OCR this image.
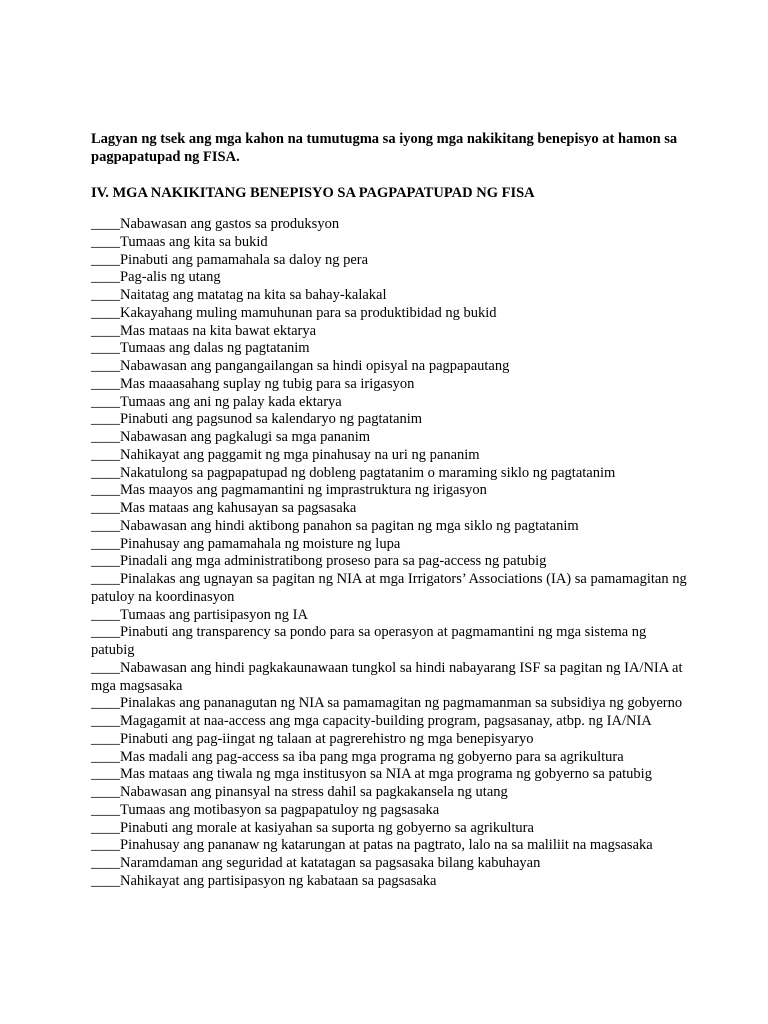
Lagyan ng tsek ang mga kahon na tumutugma sa iyong mga nakikitang benepisyo at hamon sa pagpapatupad ng FISA.

IV. MGA NAKIKITANG BENEPISYO SA PAGPAPATUPAD NG FISA

____Nabawasan ang gastos sa produksyon
____Tumaas ang kita sa bukid
____Pinabuti ang pamamahala sa daloy ng pera
____Pag-alis ng utang
____Naitatag ang matatag na kita sa bahay-kalakal
____Kakayahang muling mamuhunan para sa produktibidad ng bukid
____Mas mataas na kita bawat ektarya
____Tumaas ang dalas ng pagtatanim
____Nabawasan ang pangangailangan sa hindi opisyal na pagpapautang
____Mas maaasahang suplay ng tubig para sa irigasyon
____Tumaas ang ani ng palay kada ektarya
____Pinabuti ang pagsunod sa kalendaryo ng pagtatanim
____Nabawasan ang pagkalugi sa mga pananim
____Nahikayat ang paggamit ng mga pinahusay na uri ng pananim
____Nakatulong sa pagpapatupad ng dobleng pagtatanim o maraming siklo ng pagtatanim
____Mas maayos ang pagmamantini ng imprastruktura ng irigasyon
____Mas mataas ang kahusayan sa pagsasaka
____Nabawasan ang hindi aktibong panahon sa pagitan ng mga siklo ng pagtatanim
____Pinahusay ang pamamahala ng moisture ng lupa
____Pinadali ang mga administratibong proseso para sa pag-access ng patubig
____Pinalakas ang ugnayan sa pagitan ng NIA at mga Irrigators’ Associations (IA) sa pamamagitan ng patuloy na koordinasyon
____Tumaas ang partisipasyon ng IA
____Pinabuti ang transparency sa pondo para sa operasyon at pagmamantini ng mga sistema ng patubig
____Nabawasan ang hindi pagkakaunawaan tungkol sa hindi nabayarang ISF sa pagitan ng IA/NIA at mga magsasaka
____Pinalakas ang pananagutan ng NIA sa pamamagitan ng pagmamanman sa subsidiya ng gobyerno
____Magagamit at naa-access ang mga capacity-building program, pagsasanay, atbp. ng IA/NIA
____Pinabuti ang pag-iingat ng talaan at pagrerehistro ng mga benepisyaryo
____Mas madali ang pag-access sa iba pang mga programa ng gobyerno para sa agrikultura
____Mas mataas ang tiwala ng mga institusyon sa NIA at mga programa ng gobyerno sa patubig
____Nabawasan ang pinansyal na stress dahil sa pagkakansela ng utang
____Tumaas ang motibasyon sa pagpapatuloy ng pagsasaka
____Pinabuti ang morale at kasiyahan sa suporta ng gobyerno sa agrikultura
____Pinahusay ang pananaw ng katarungan at patas na pagtrato, lalo na sa maliliit na magsasaka
____Naramdaman ang seguridad at katatagan sa pagsasaka bilang kabuhayan
____Nahikayat ang partisipasyon ng kabataan sa pagsasaka
